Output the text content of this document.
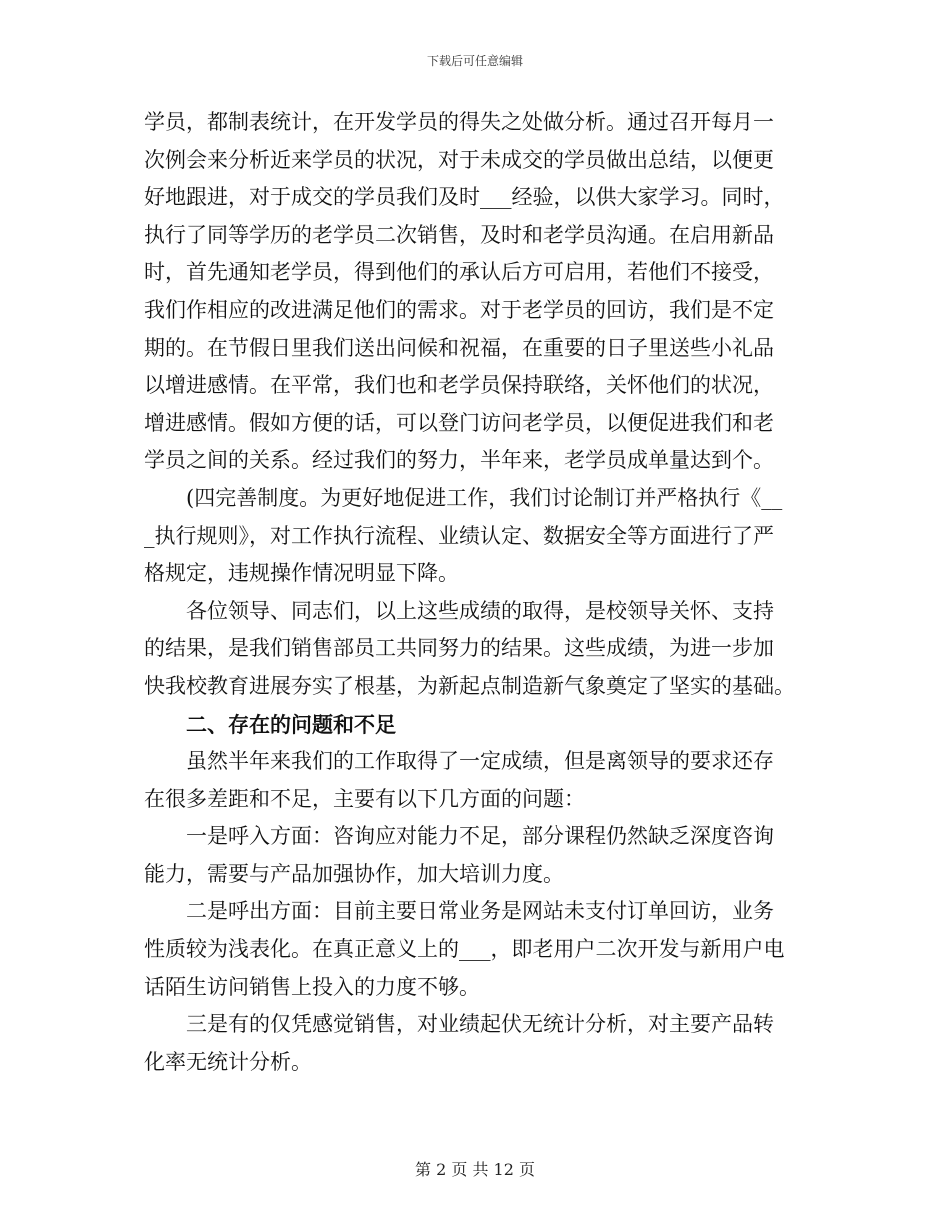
下载后可任意编辑

学员，都制表统计，在开发学员的得失之处做分析。通过召开每月一
次例会来分析近来学员的状况，对于未成交的学员做出总结，以便更
好地跟进，对于成交的学员我们及时___经验，以供大家学习。同时，
执行了同等学历的老学员二次销售，及时和老学员沟通。在启用新品
时，首先通知老学员，得到他们的承认后方可启用，若他们不接受，
我们作相应的改进满足他们的需求。对于老学员的回访，我们是不定
期的。在节假日里我们送出问候和祝福，在重要的日子里送些小礼品
以增进感情。在平常，我们也和老学员保持联络，关怀他们的状况，
增进感情。假如方便的话，可以登门访问老学员，以便促进我们和老
学员之间的关系。经过我们的努力，半年来，老学员成单量达到个。

(四完善制度。为更好地促进工作，我们讨论制订并严格执行《__
_执行规则》，对工作执行流程、业绩认定、数据安全等方面进行了严
格规定，违规操作情况明显下降。

各位领导、同志们，以上这些成绩的取得，是校领导关怀、支持
的结果，是我们销售部员工共同努力的结果。这些成绩，为进一步加
快我校教育进展夯实了根基，为新起点制造新气象奠定了坚实的基础。

二、存在的问题和不足

虽然半年来我们的工作取得了一定成绩，但是离领导的要求还存
在很多差距和不足，主要有以下几方面的问题：

一是呼入方面：咨询应对能力不足，部分课程仍然缺乏深度咨询
能力，需要与产品加强协作，加大培训力度。

二是呼出方面：目前主要日常业务是网站未支付订单回访，业务
性质较为浅表化。在真正意义上的___，即老用户二次开发与新用户电
话陌生访问销售上投入的力度不够。

三是有的仅凭感觉销售，对业绩起伏无统计分析，对主要产品转
化率无统计分析。

第 2 页 共 12 页
